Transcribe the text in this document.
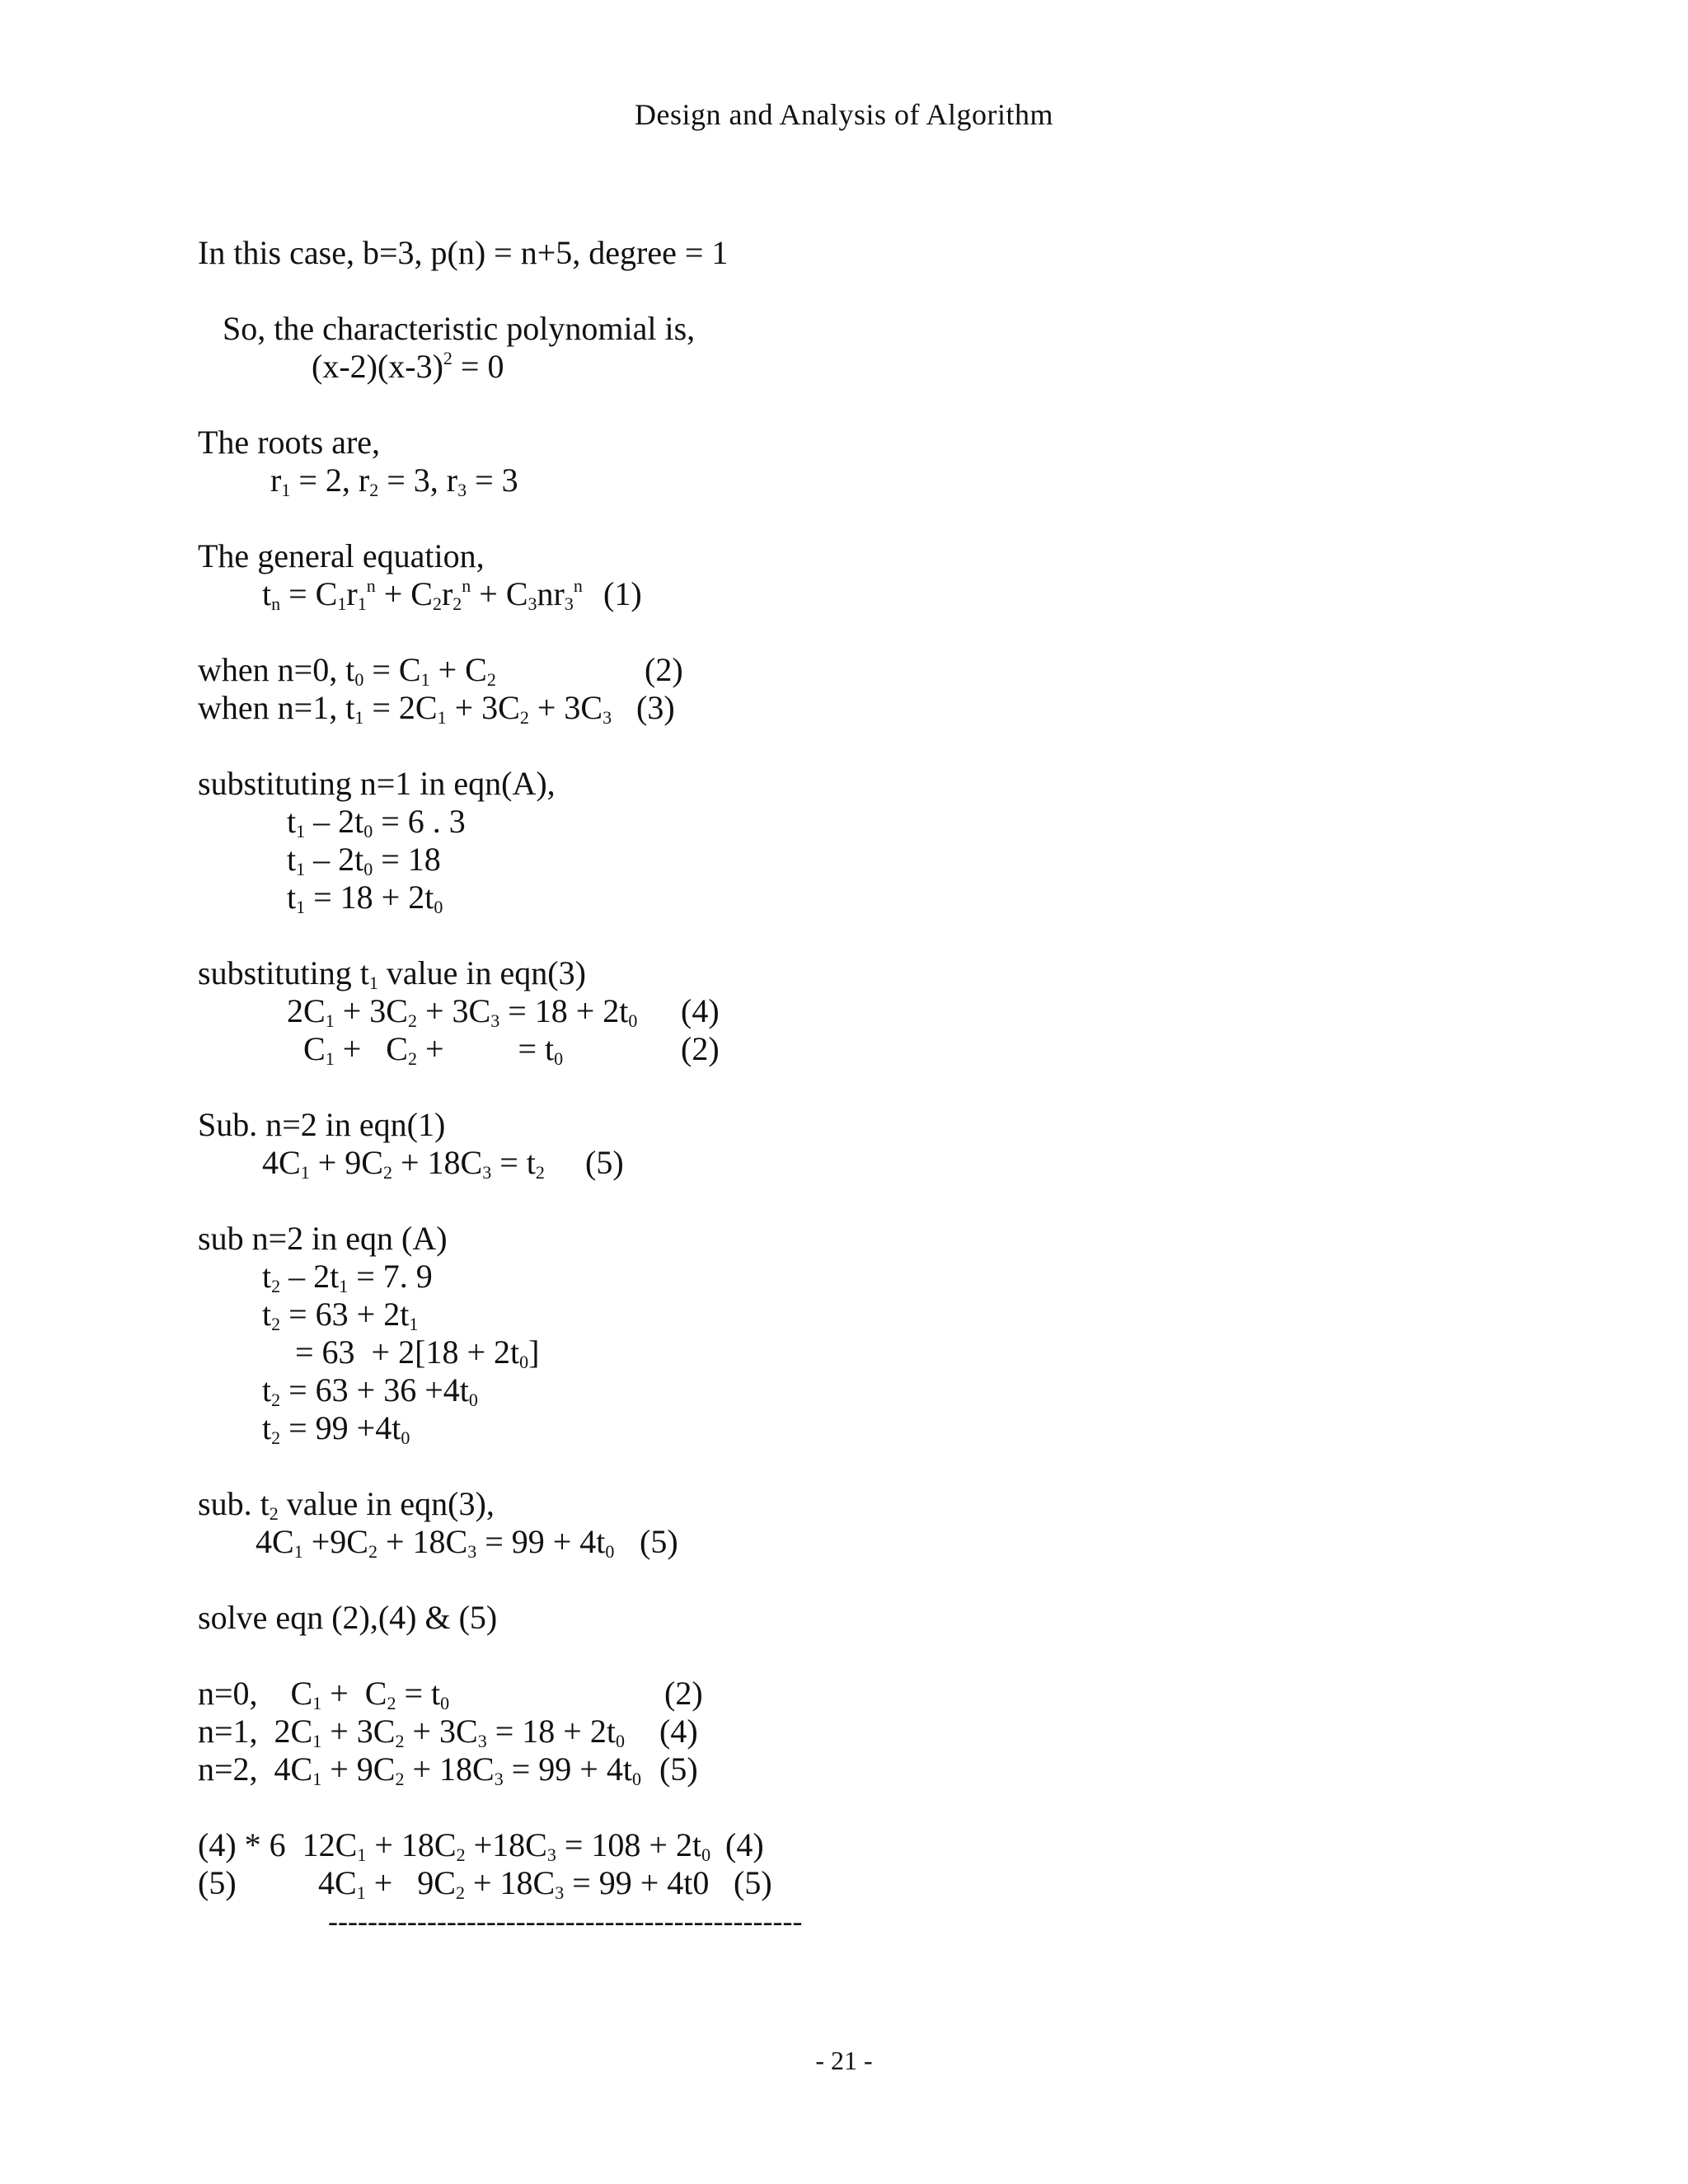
Design and Analysis of Algorithm
In this case, b=3, p(n) = n+5, degree = 1
So, the characteristic polynomial is,
$(x-2)(x-3)^2 = 0$
The roots are,
$r_1 = 2$, $r_2 = 3$, $r_3 = 3$
The general equation,
$t_n = C_1r_1^n + C_2r_2^n + C_3nr_3^n$ (1)
when n=0, $t_0 = C_1 + C_2$	(2)
when n=1, $t_1 = 2C_1 + 3C_2 + 3C_3$ (3)
substituting n=1 in eqn(A),
$t_1 - 2t_0 = 6$ . 3
$t_1 - 2t_0 = 18$
$t_1 = 18 + 2t_0$
substituting $t_1$ value in eqn(3)
$2C_1 + 3C_2 + 3C_3 = 18 + 2t_0$ (4)
$C_1 + C_2$ +         = $t_0$	(2)
Sub. n=2 in eqn(1)
$4C_1 + 9C_2 + 18C_3 = t_2$ (5)
sub n=2 in eqn (A)
$t_2 - 2t_1 = 7$. 9
$t_2 = 63 + 2t_1$
= $63 + 2[18 + 2t_0]$
$t_2 = 63 + 36 +4t_0$
$t_2 = 99 +4t_0$
sub. $t_2$ value in eqn(3),
$4C_1 +9C_2 + 18C_3 = 99 + 4t_0$ (5)
solve eqn (2),(4) & (5)
n=0,    $C_1 + C_2 = t_0$	(2)
n=1,  $2C_1 + 3C_2 + 3C_3 = 18 + 2t_0$ (4)
n=2,  $4C_1 + 9C_2 + 18C_3 = 99 + 4t_0$ (5)
(4) * 6  $12C_1 + 18C_2 +18C_3 = 108 + 2t_0$ (4)
(5) $4C_1 + 9C_2 + 18C_3 = 99 + 4t0$ (5)
------------------------------------------------
- 21 -
